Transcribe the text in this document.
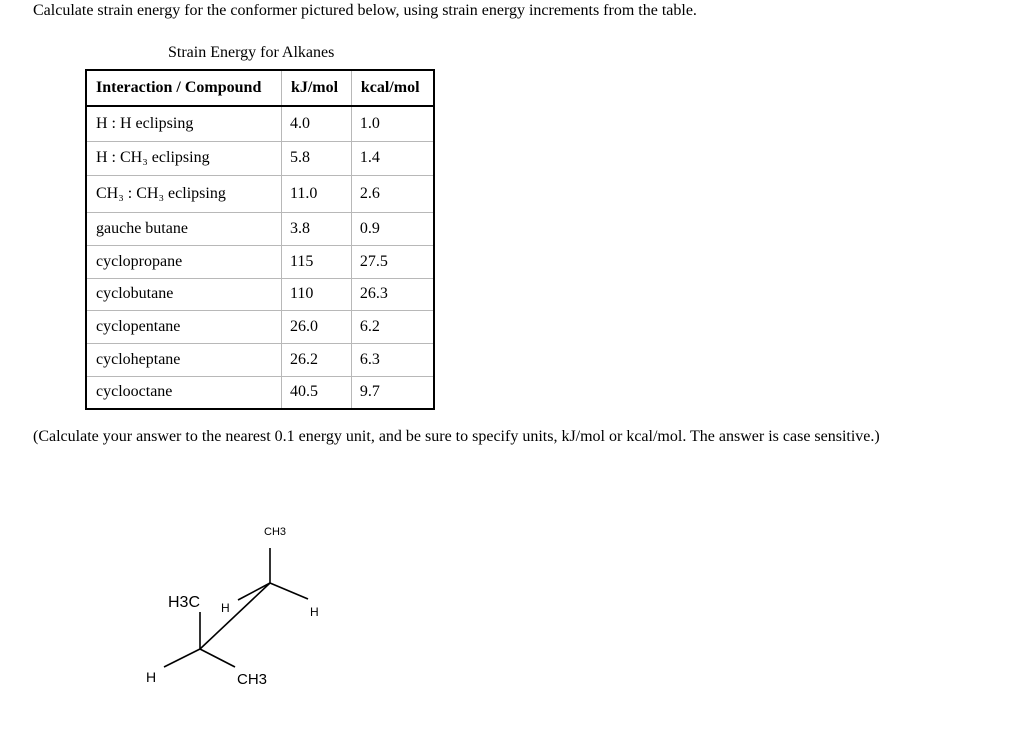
Calculate strain energy for the conformer pictured below, using strain energy increments from the table.
Strain Energy for Alkanes
Interaction / Compound	kJ/mol	kcal/mol
H : H eclipsing	4.0	1.0
H : CH₃ eclipsing	5.8	1.4
CH₃ : CH₃ eclipsing	11.0	2.6
gauche butane	3.8	0.9
cyclopropane	115	27.5
cyclobutane	110	26.3
cyclopentane	26.0	6.2
cycloheptane	26.2	6.3
cyclooctane	40.5	9.7
(Calculate your answer to the nearest 0.1 energy unit, and be sure to specify units, kJ/mol or kcal/mol. The answer is case sensitive.)
CH3
H
H
H3C
H	CH3
